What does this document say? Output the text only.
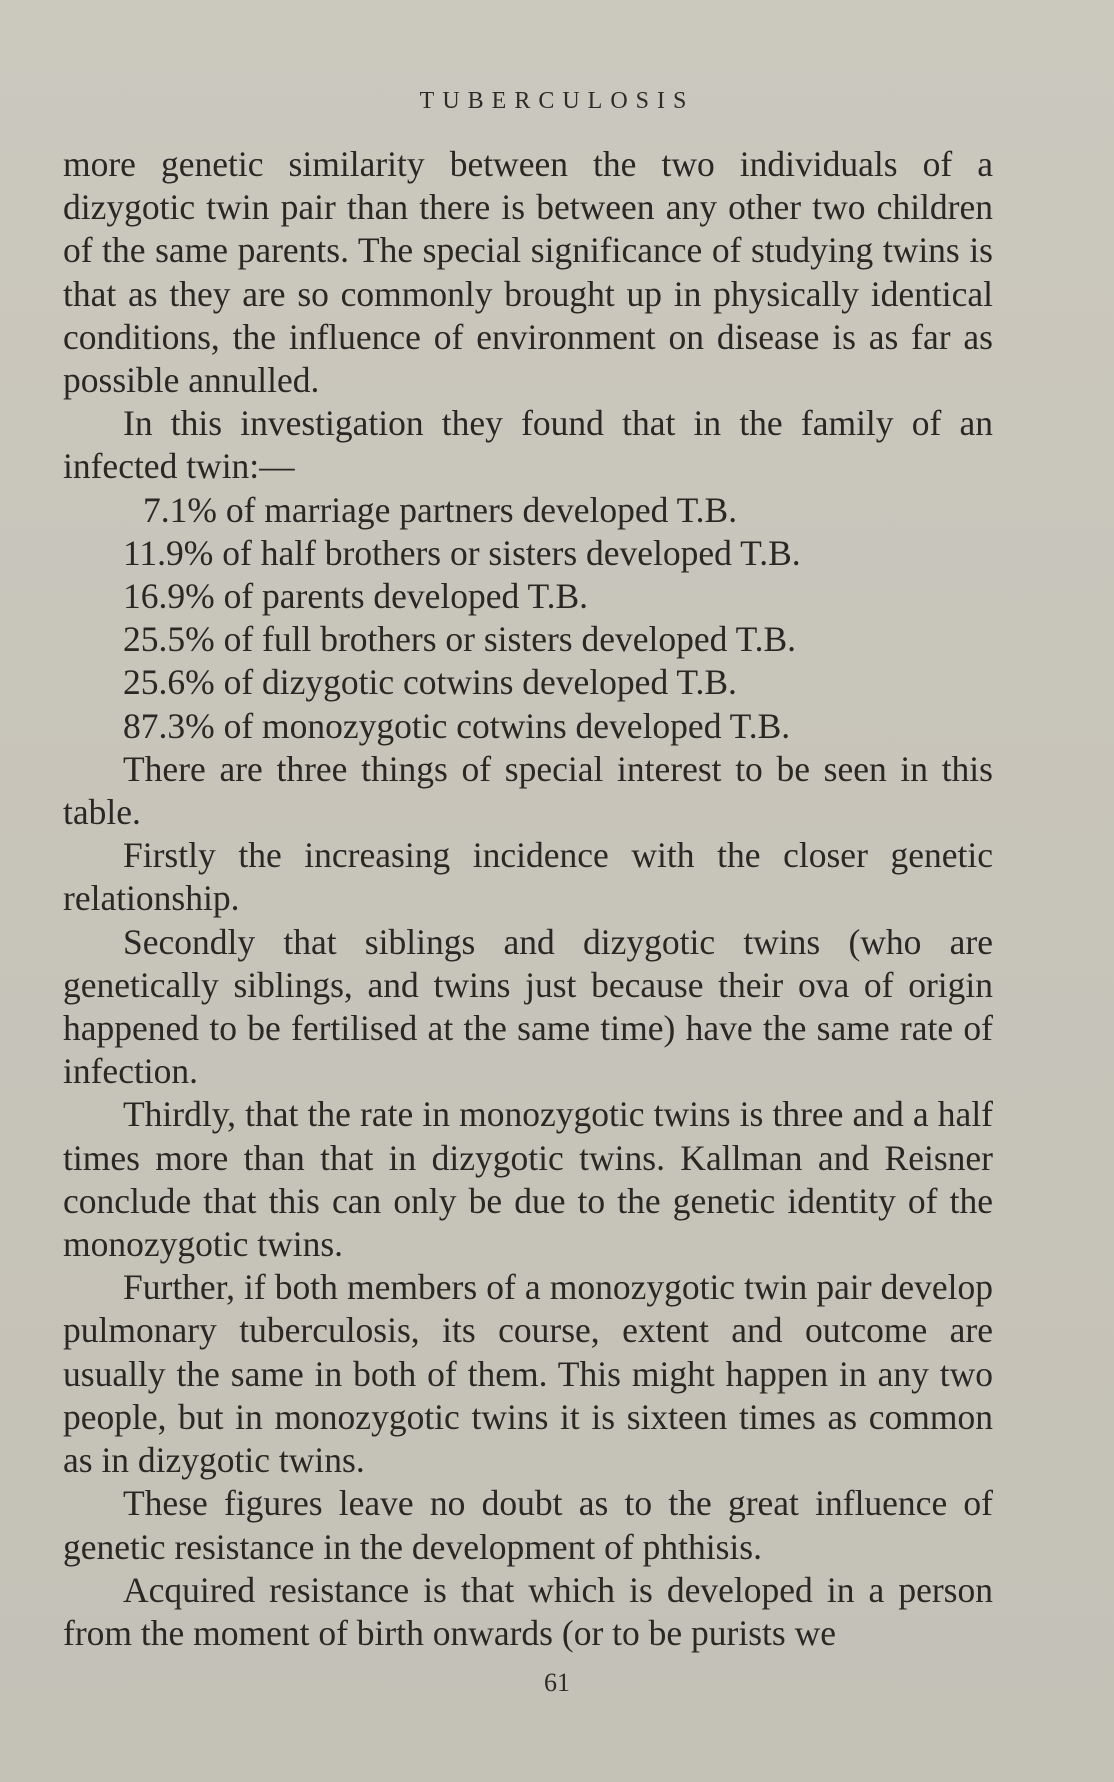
TUBERCULOSIS

more genetic similarity between the two individuals of a dizygotic twin pair than there is between any other two children of the same parents. The special significance of studying twins is that as they are so commonly brought up in physically identical conditions, the influence of environment on disease is as far as possible annulled.

In this investigation they found that in the family of an infected twin:—

7.1% of marriage partners developed T.B.
11.9% of half brothers or sisters developed T.B.
16.9% of parents developed T.B.
25.5% of full brothers or sisters developed T.B.
25.6% of dizygotic cotwins developed T.B.
87.3% of monozygotic cotwins developed T.B.

There are three things of special interest to be seen in this table.

Firstly the increasing incidence with the closer genetic relationship.

Secondly that siblings and dizygotic twins (who are genetically siblings, and twins just because their ova of origin happened to be fertilised at the same time) have the same rate of infection.

Thirdly, that the rate in monozygotic twins is three and a half times more than that in dizygotic twins. Kallman and Reisner conclude that this can only be due to the genetic identity of the monozygotic twins.

Further, if both members of a monozygotic twin pair develop pulmonary tuberculosis, its course, extent and outcome are usually the same in both of them. This might happen in any two people, but in monozygotic twins it is sixteen times as common as in dizygotic twins.

These figures leave no doubt as to the great influence of genetic resistance in the development of phthisis.

Acquired resistance is that which is developed in a person from the moment of birth onwards (or to be purists we

61
